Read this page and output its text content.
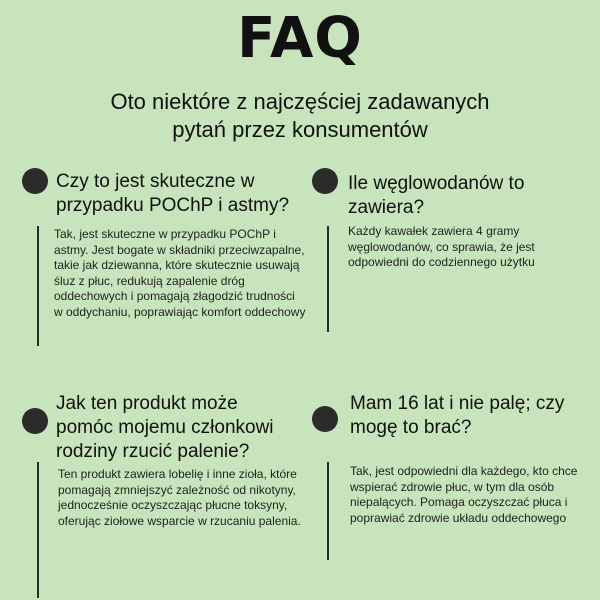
FAQ
Oto niektóre z najczęściej zadawanych
pytań przez konsumentów
Czy to jest skuteczne w
przypadku POChP i astmy?
Tak, jest skuteczne w przypadku POChP i
astmy. Jest bogate w składniki przeciwzapalne,
takie jak dziewanna, które skutecznie usuwają
śluz z płuc, redukują zapalenie dróg
oddechowych i pomagają złagodzić trudności
w oddychaniu, poprawiając komfort oddechowy
Ile węglowodanów to
zawiera?
Każdy kawałek zawiera 4 gramy
węglowodanów, co sprawia, że jest
odpowiedni do codziennego użytku
Jak ten produkt może
pomóc mojemu członkowi
rodziny rzucić palenie?
Ten produkt zawiera lobelię i inne zioła, które
pomagają zmniejszyć zależność od nikotyny,
jednocześnie oczyszczając płucne toksyny,
oferując ziołowe wsparcie w rzucaniu palenia.
Mam 16 lat i nie palę; czy
mogę to brać?
Tak, jest odpowiedni dla każdego, kto chce
wspierać zdrowie płuc, w tym dla osób
niepalących. Pomaga oczyszczać płuca i
poprawiać zdrowie układu oddechowego
